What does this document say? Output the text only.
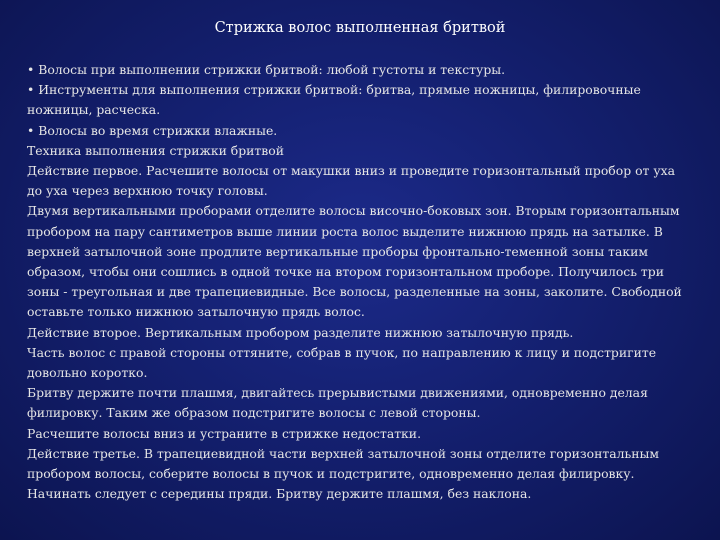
Стрижка волос выполненная бритвой

• Волосы при выполнении стрижки бритвой: любой густоты и текстуры.

• Инструменты для выполнения стрижки бритвой: бритва, прямые ножницы, филировочные ножницы, расческа.

• Волосы во время стрижки влажные.

Техника выполнения стрижки бритвой

Действие первое. Расчешите волосы от макушки вниз и проведите горизонтальный пробор от уха до уха через верхнюю точку головы.

Двумя вертикальными проборами отделите волосы височно-боковых зон. Вторым горизонтальным пробором на пару сантиметров выше линии роста волос выделите нижнюю прядь на затылке. В верхней затылочной зоне продлите вертикальные проборы фронтально-теменной зоны таким образом, чтобы они сошлись в одной точке на втором горизонтальном проборе. Получилось три зоны - треугольная и две трапециевидные. Все волосы, разделенные на зоны, заколите. Свободной оставьте только нижнюю затылочную прядь волос.

Действие второе. Вертикальным пробором разделите нижнюю затылочную прядь.

Часть волос с правой стороны оттяните, собрав в пучок, по направлению к лицу и подстригите довольно коротко.

Бритву держите почти плашмя, двигайтесь прерывистыми движениями, одновременно делая филировку. Таким же образом подстригите волосы с левой стороны.

Расчешите волосы вниз и устраните в стрижке недостатки.

Действие третье. В трапециевидной части верхней затылочной зоны отделите горизонтальным пробором волосы, соберите волосы в пучок и подстригите, одновременно делая филировку. Начинать следует с середины пряди. Бритву держите плашмя, без наклона.
